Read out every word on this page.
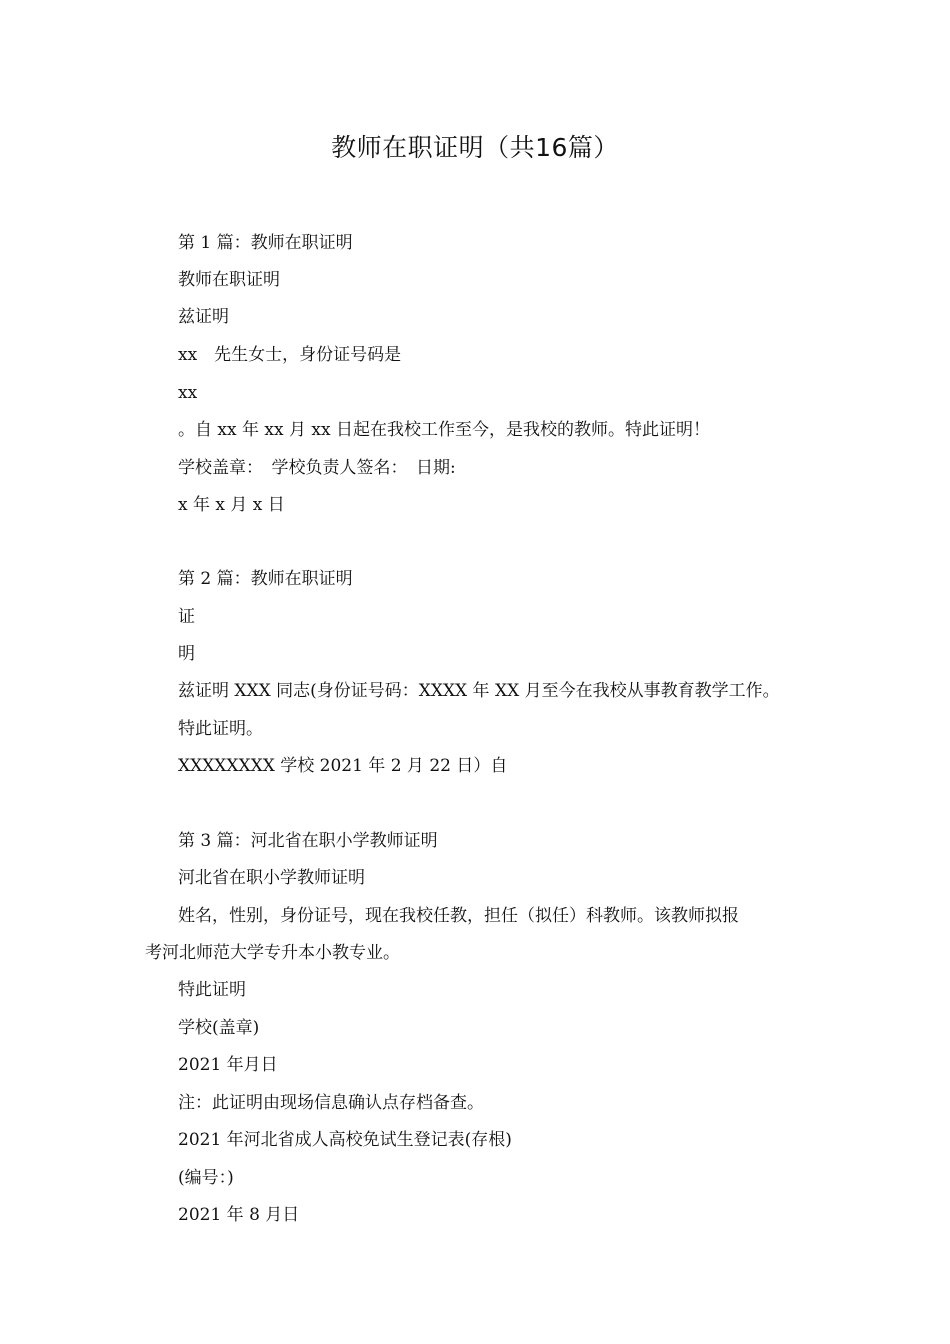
教师在职证明（共16篇）

第 1 篇：教师在职证明

教师在职证明

兹证明

xx　先生女士，身份证号码是

xx

。自 xx 年 xx 月 xx 日起在我校工作至今，是我校的教师。特此证明！

学校盖章：　学校负责人签名：　日期:

x 年 x 月 x 日

第 2 篇：教师在职证明

证

明

兹证明 XXX 同志(身份证号码：XXXX 年 XX 月至今在我校从事教育教学工作。

特此证明。

XXXXXXXX 学校 2021 年 2 月 22 日）自

第 3 篇：河北省在职小学教师证明

河北省在职小学教师证明

姓名，性别，身份证号，现在我校任教，担任（拟任）科教师。该教师拟报

考河北师范大学专升本小教专业。

特此证明

学校(盖章)

2021 年月日

注：此证明由现场信息确认点存档备查。

2021 年河北省成人高校免试生登记表(存根)

(编号：)

2021 年 8 月日
